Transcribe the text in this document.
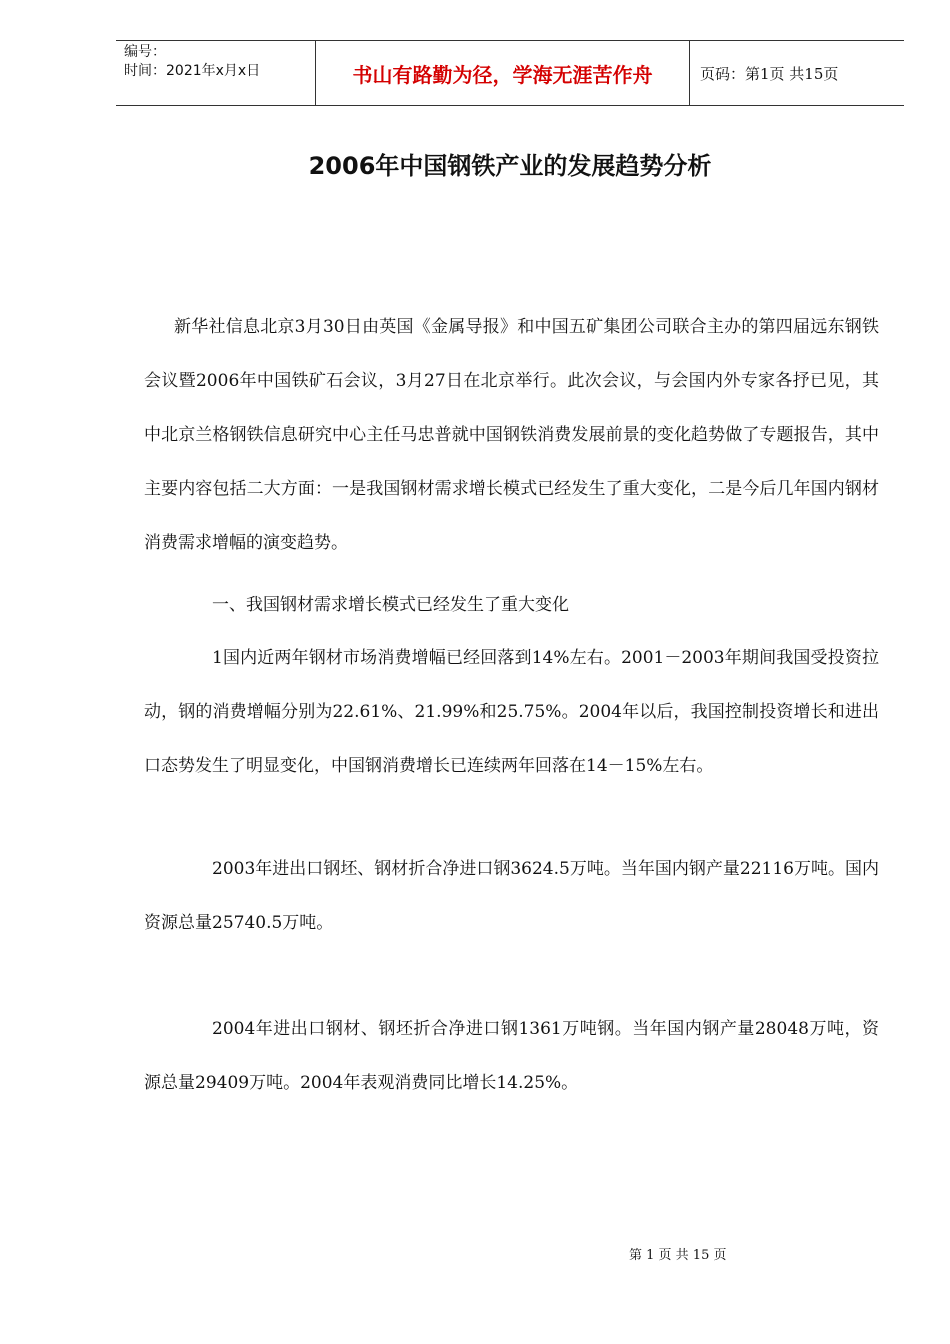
编号：
时间：2021年x月x日	书山有路勤为径，学海无涯苦作舟	页码：第1页 共15页
2006年中国钢铁产业的发展趋势分析

新华社信息北京3月30日由英国《金属导报》和中国五矿集团公司联合主办的第四届远东钢铁会议暨2006年中国铁矿石会议，3月27日在北京举行。此次会议，与会国内外专家各抒已见，其中北京兰格钢铁信息研究中心主任马忠普就中国钢铁消费发展前景的变化趋势做了专题报告，其中主要内容包括二大方面：一是我国钢材需求增长模式已经发生了重大变化，二是今后几年国内钢材消费需求增幅的演变趋势。

一、我国钢材需求增长模式已经发生了重大变化

1国内近两年钢材市场消费增幅已经回落到14%左右。2001－2003年期间我国受投资拉动，钢的消费增幅分别为22.61%、21.99%和25.75%。2004年以后，我国控制投资增长和进出口态势发生了明显变化，中国钢消费增长已连续两年回落在14－15%左右。

2003年进出口钢坯、钢材折合净进口钢3624.5万吨。当年国内钢产量22116万吨。国内资源总量25740.5万吨。

2004年进出口钢材、钢坯折合净进口钢1361万吨钢。当年国内钢产量28048万吨，资源总量29409万吨。2004年表观消费同比增长14.25%。

第 1 页 共 15 页
